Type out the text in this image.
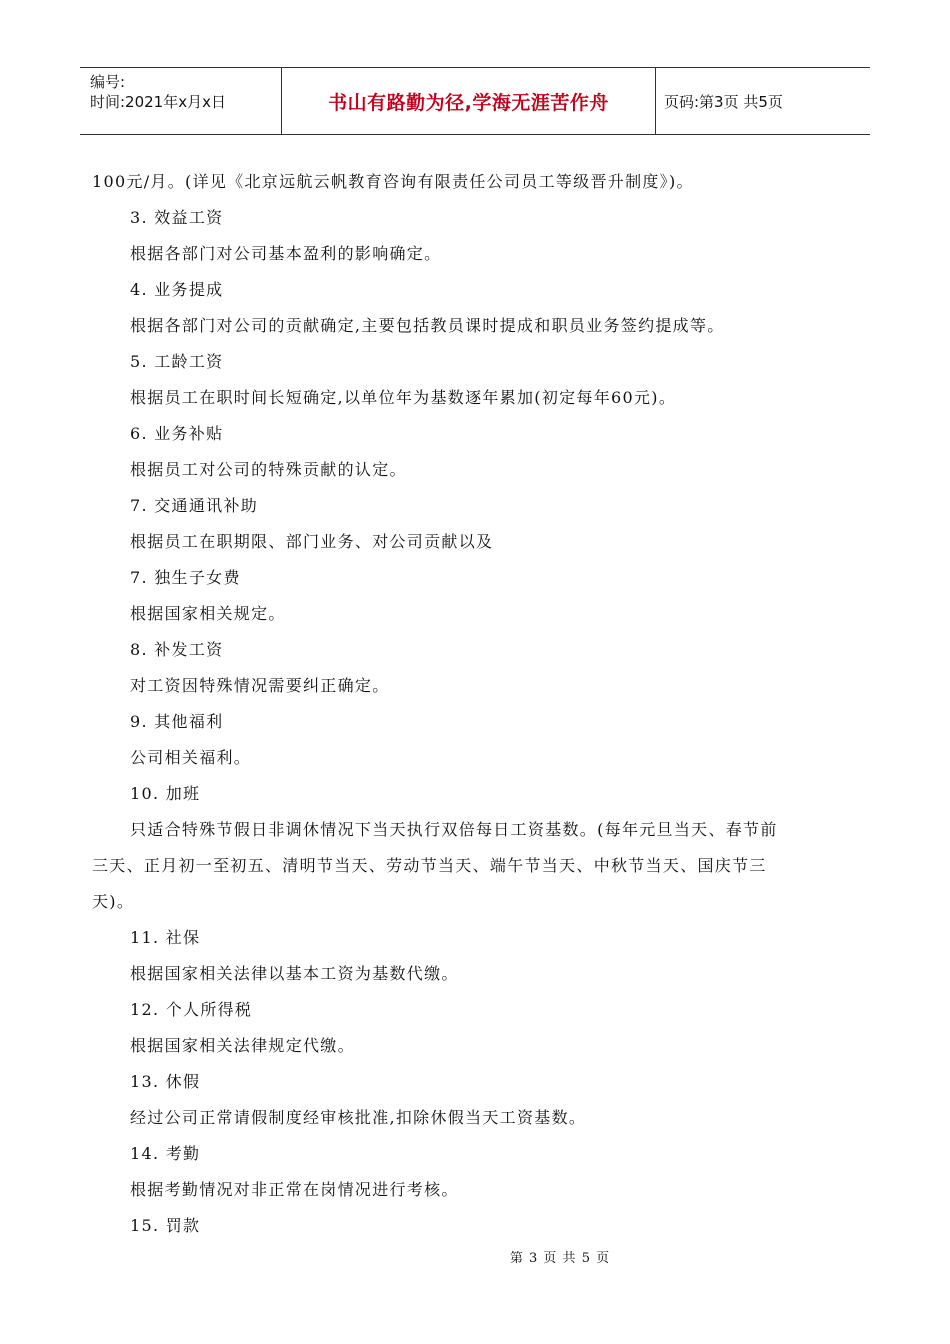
编号:
时间:2021年x月x日	书山有路勤为径,学海无涯苦作舟	页码:第3页 共5页
100元/月。(详见《北京远航云帆教育咨询有限责任公司员工等级晋升制度》)。
3. 效益工资
根据各部门对公司基本盈利的影响确定。
4. 业务提成
根据各部门对公司的贡献确定,主要包括教员课时提成和职员业务签约提成等。
5. 工龄工资
根据员工在职时间长短确定,以单位年为基数逐年累加(初定每年60元)。
6. 业务补贴
根据员工对公司的特殊贡献的认定。
7. 交通通讯补助
根据员工在职期限、部门业务、对公司贡献以及
7. 独生子女费
根据国家相关规定。
8. 补发工资
对工资因特殊情况需要纠正确定。
9. 其他福利
公司相关福利。
10. 加班
只适合特殊节假日非调休情况下当天执行双倍每日工资基数。(每年元旦当天、春节前
三天、正月初一至初五、清明节当天、劳动节当天、端午节当天、中秋节当天、国庆节三
天)。
11. 社保
根据国家相关法律以基本工资为基数代缴。
12. 个人所得税
根据国家相关法律规定代缴。
13. 休假
经过公司正常请假制度经审核批准,扣除休假当天工资基数。
14. 考勤
根据考勤情况对非正常在岗情况进行考核。
15. 罚款
第 3 页 共 5 页
